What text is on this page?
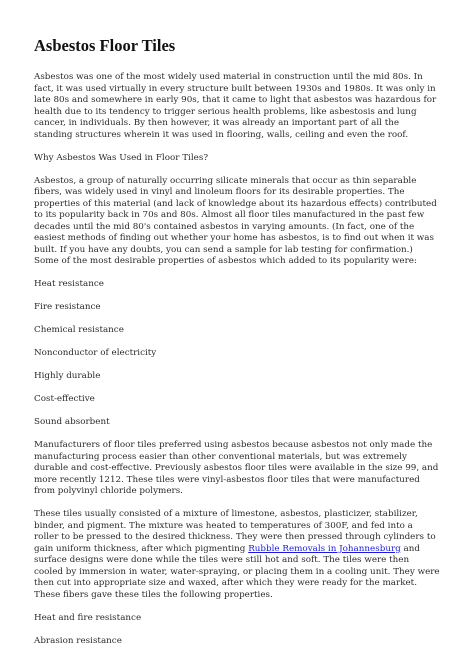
Asbestos Floor Tiles

Asbestos was one of the most widely used material in construction until the mid 80s. In fact, it was used virtually in every structure built between 1930s and 1980s. It was only in late 80s and somewhere in early 90s, that it came to light that asbestos was hazardous for health due to its tendency to trigger serious health problems, like asbestosis and lung cancer, in individuals. By then however, it was already an important part of all the standing structures wherein it was used in flooring, walls, ceiling and even the roof.

Why Asbestos Was Used in Floor Tiles?

Asbestos, a group of naturally occurring silicate minerals that occur as thin separable fibers, was widely used in vinyl and linoleum floors for its desirable properties. The properties of this material (and lack of knowledge about its hazardous effects) contributed to its popularity back in 70s and 80s. Almost all floor tiles manufactured in the past few decades until the mid 80's contained asbestos in varying amounts. (In fact, one of the easiest methods of finding out whether your home has asbestos, is to find out when it was built. If you have any doubts, you can send a sample for lab testing for confirmation.) Some of the most desirable properties of asbestos which added to its popularity were:

Heat resistance

Fire resistance

Chemical resistance

Nonconductor of electricity

Highly durable

Cost-effective

Sound absorbent

Manufacturers of floor tiles preferred using asbestos because asbestos not only made the manufacturing process easier than other conventional materials, but was extremely durable and cost-effective. Previously asbestos floor tiles were available in the size 99, and more recently 1212. These tiles were vinyl-asbestos floor tiles that were manufactured from polyvinyl chloride polymers.

These tiles usually consisted of a mixture of limestone, asbestos, plasticizer, stabilizer, binder, and pigment. The mixture was heated to temperatures of 300F, and fed into a roller to be pressed to the desired thickness. They were then pressed through cylinders to gain uniform thickness, after which pigmenting Rubble Removals in Johannesburg and surface designs were done while the tiles were still hot and soft. The tiles were then cooled by immersion in water, water-spraying, or placing them in a cooling unit. They were then cut into appropriate size and waxed, after which they were ready for the market. These fibers gave these tiles the following properties.

Heat and fire resistance

Abrasion resistance
